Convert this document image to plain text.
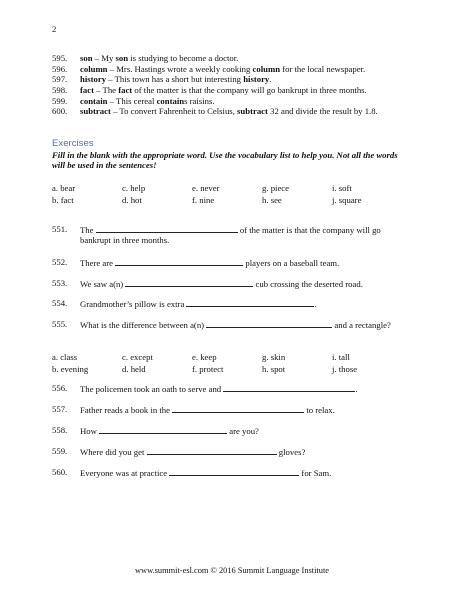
2
595.	son – My son is studying to become a doctor.
596.	column – Mrs. Hastings wrote a weekly cooking column for the local newspaper.
597.	history – This town has a short but interesting history.
598.	fact – The fact of the matter is that the company will go bankrupt in three months.
599.	contain – This cereal contains raisins.
600.	subtract – To convert Fahrenheit to Celsius, subtract 32 and divide the result by 1.8.
Exercises
Fill in the blank with the appropriate word. Use the vocabulary list to help you. Not all the words will be used in the sentences!
a. bear	c. help	e. never	g. piece	i. soft
b. fact	d. hot	f. nine	h. see	j. square
551.	The	of the matter is that the company will go bankrupt in three months.
552.	There are	players on a baseball team.
553.	We saw a(n)	cub crossing the deserted road.
554.	Grandmother’s pillow is extra	.
555.	What is the difference between a(n)	and a rectangle?
a. class	c. except	e. keep	g. skin	i. tall
b. evening	d. held	f. protect	h. spot	j. those
556.	The policemen took an oath to serve and	.
557.	Father reads a book in the	to relax.
558.	How	are you?
559.	Where did you get	gloves?
560.	Everyone was at practice	for Sam.
www.summit-esl.com © 2016 Summit Language Institute
